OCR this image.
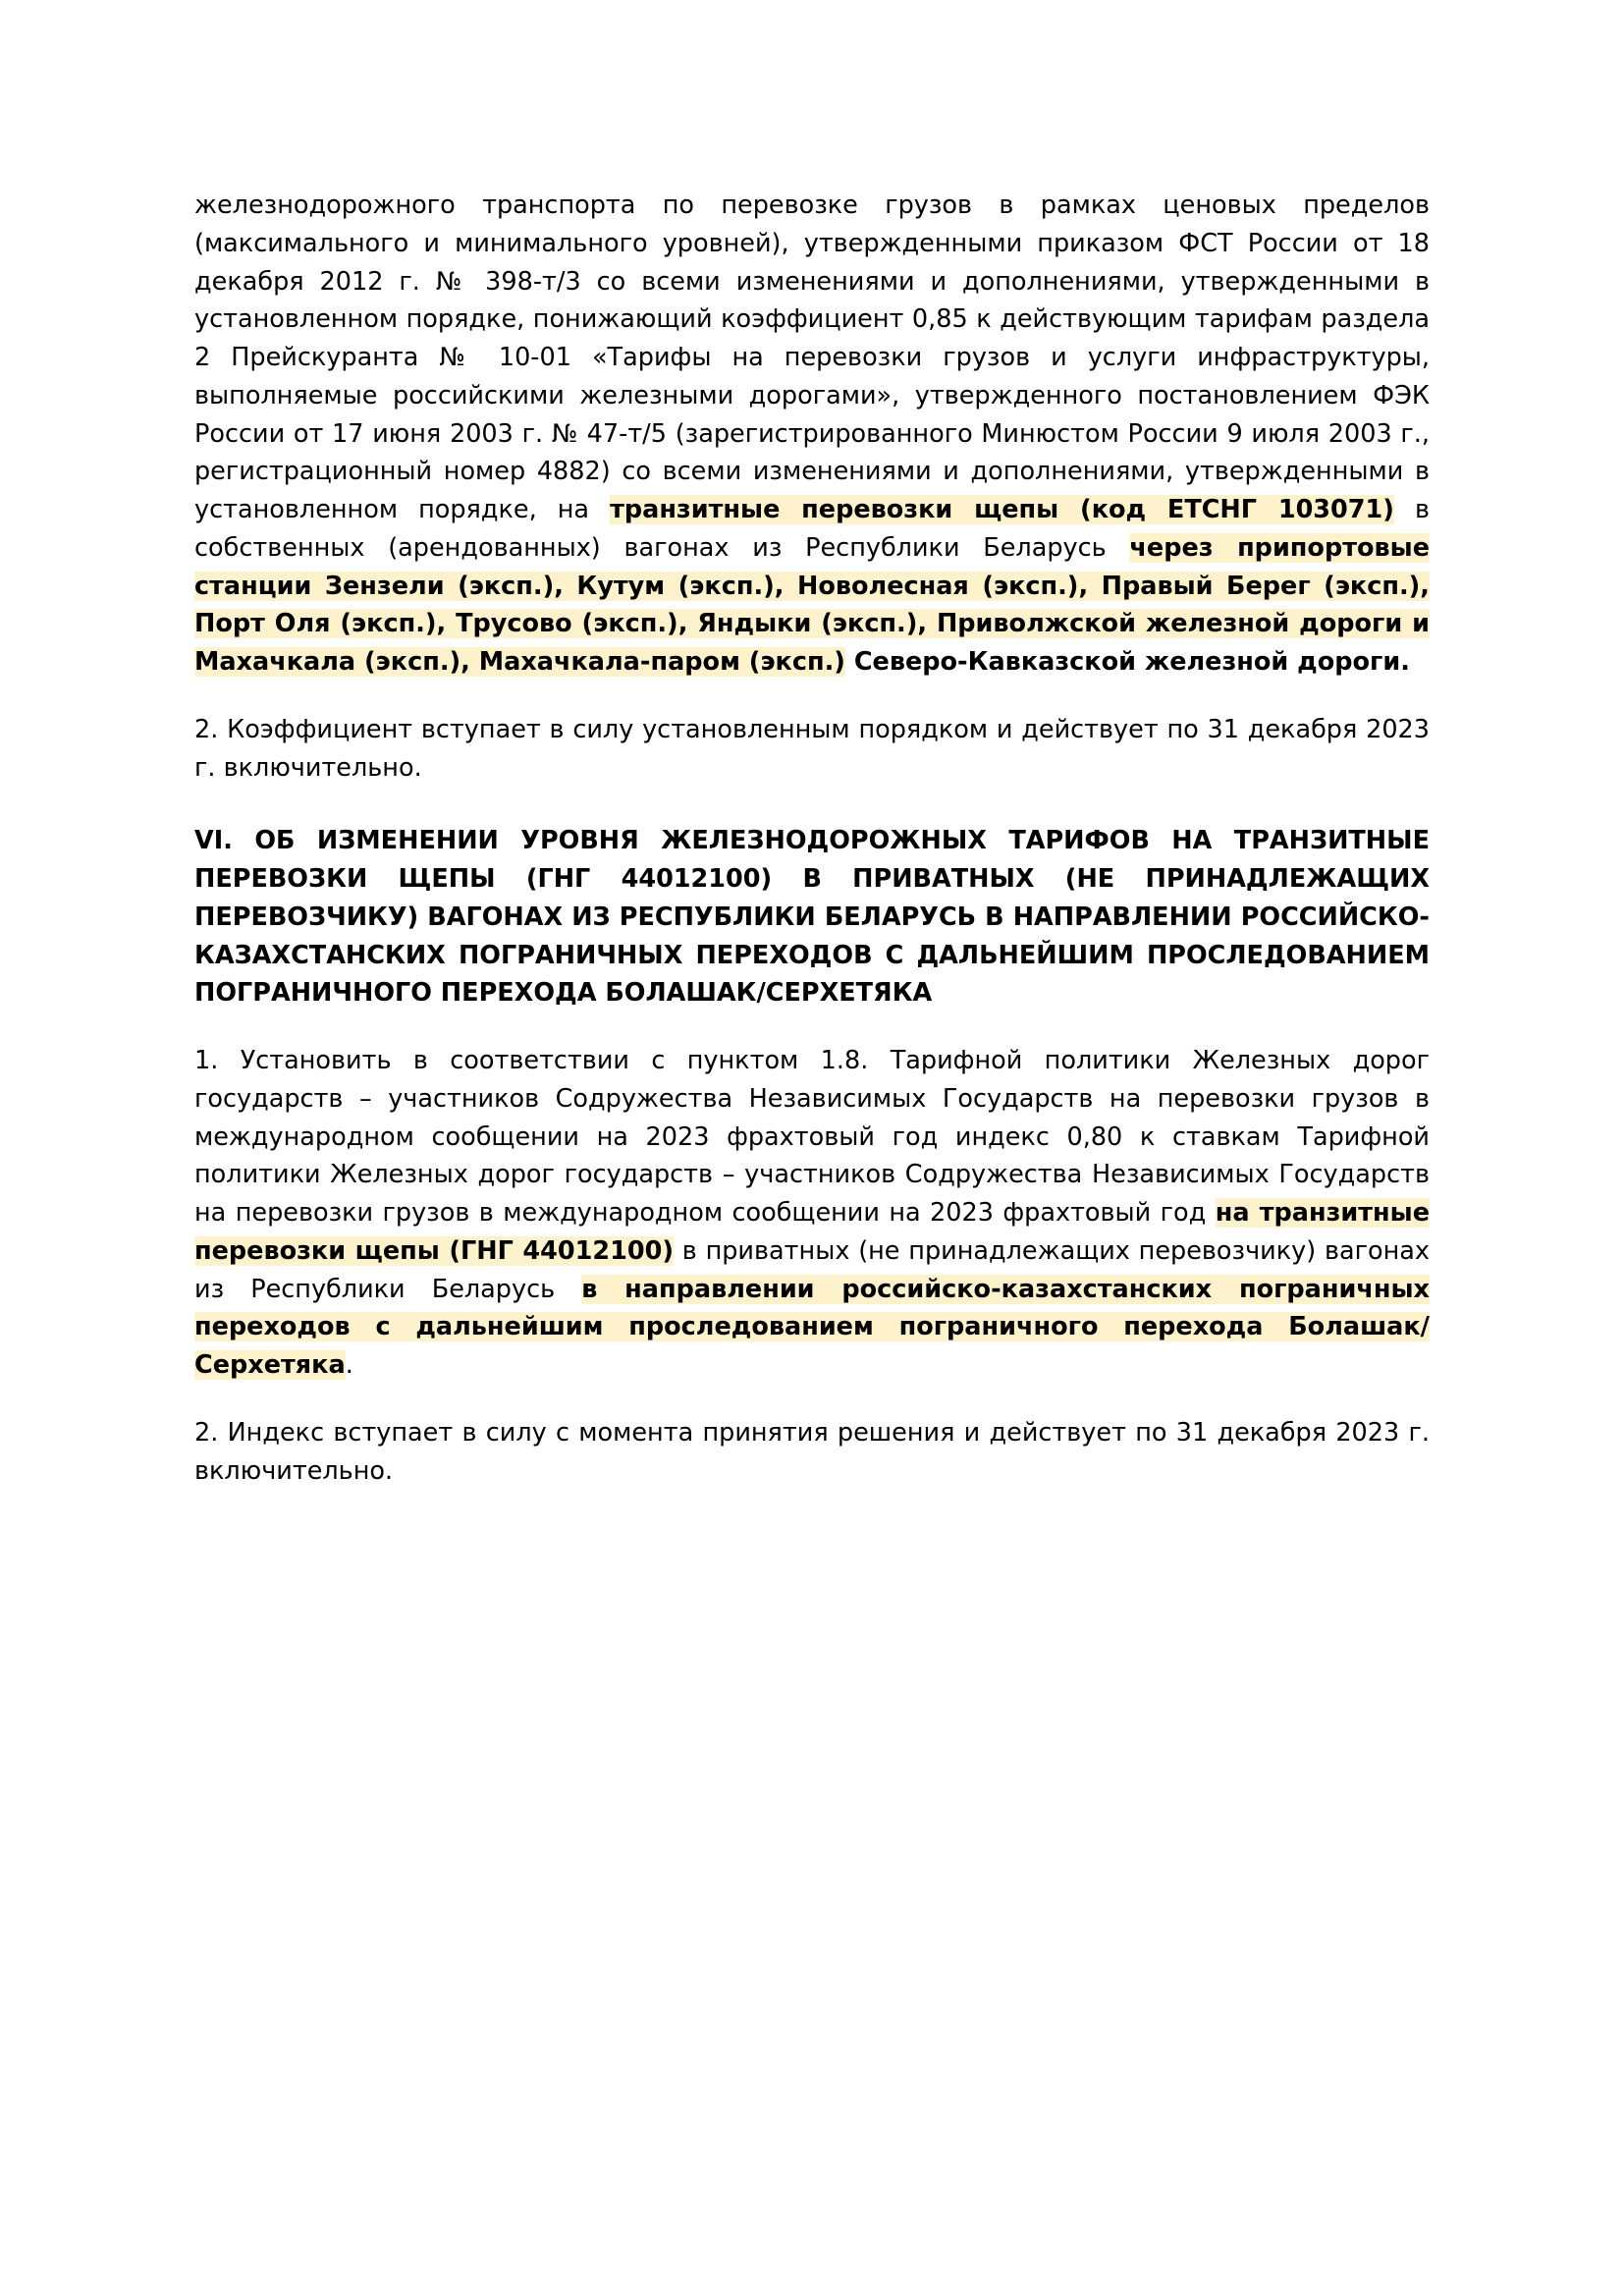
железнодорожного транспорта по перевозке грузов в рамках ценовых пределов (максимального и минимального уровней), утвержденными приказом ФСТ России от 18 декабря 2012 г. № 398-т/3 со всеми изменениями и дополнениями, утвержденными в установленном порядке, понижающий коэффициент 0,85 к действующим тарифам раздела 2 Прейскуранта № 10-01 «Тарифы на перевозки грузов и услуги инфраструктуры, выполняемые российскими железными дорогами», утвержденного постановлением ФЭК России от 17 июня 2003 г. № 47-т/5 (зарегистрированного Минюстом России 9 июля 2003 г., регистрационный номер 4882) со всеми изменениями и дополнениями, утвержденными в установленном порядке, на транзитные перевозки щепы (код ЕТСНГ 103071) в собственных (арендованных) вагонах из Республики Беларусь через припортовые станции Зензели (эксп.), Кутум (эксп.), Новолесная (эксп.), Правый Берег (эксп.), Порт Оля (эксп.), Трусово (эксп.), Яндыки (эксп.), Приволжской железной дороги и Махачкала (эксп.), Махачкала-паром (эксп.) Северо-Кавказской железной дороги.

2. Коэффициент вступает в силу установленным порядком и действует по 31 декабря 2023 г. включительно.

VI. ОБ ИЗМЕНЕНИИ УРОВНЯ ЖЕЛЕЗНОДОРОЖНЫХ ТАРИФОВ НА ТРАНЗИТНЫЕ ПЕРЕВОЗКИ ЩЕПЫ (ГНГ 44012100) В ПРИВАТНЫХ (НЕ ПРИНАДЛЕЖАЩИХ ПЕРЕВОЗЧИКУ) ВАГОНАХ ИЗ РЕСПУБЛИКИ БЕЛАРУСЬ В НАПРАВЛЕНИИ РОССИЙСКО-КАЗАХСТАНСКИХ ПОГРАНИЧНЫХ ПЕРЕХОДОВ С ДАЛЬНЕЙШИМ ПРОСЛЕДОВАНИЕМ ПОГРАНИЧНОГО ПЕРЕХОДА БОЛАШАК/СЕРХЕТЯКА

1. Установить в соответствии с пунктом 1.8. Тарифной политики Железных дорог государств – участников Содружества Независимых Государств на перевозки грузов в международном сообщении на 2023 фрахтовый год индекс 0,80 к ставкам Тарифной политики Железных дорог государств – участников Содружества Независимых Государств на перевозки грузов в международном сообщении на 2023 фрахтовый год на транзитные перевозки щепы (ГНГ 44012100) в приватных (не принадлежащих перевозчику) вагонах из Республики Беларусь в направлении российско-казахстанских пограничных переходов с дальнейшим проследованием пограничного перехода Болашак/Серхетяка.

2. Индекс вступает в силу с момента принятия решения и действует по 31 декабря 2023 г. включительно.
